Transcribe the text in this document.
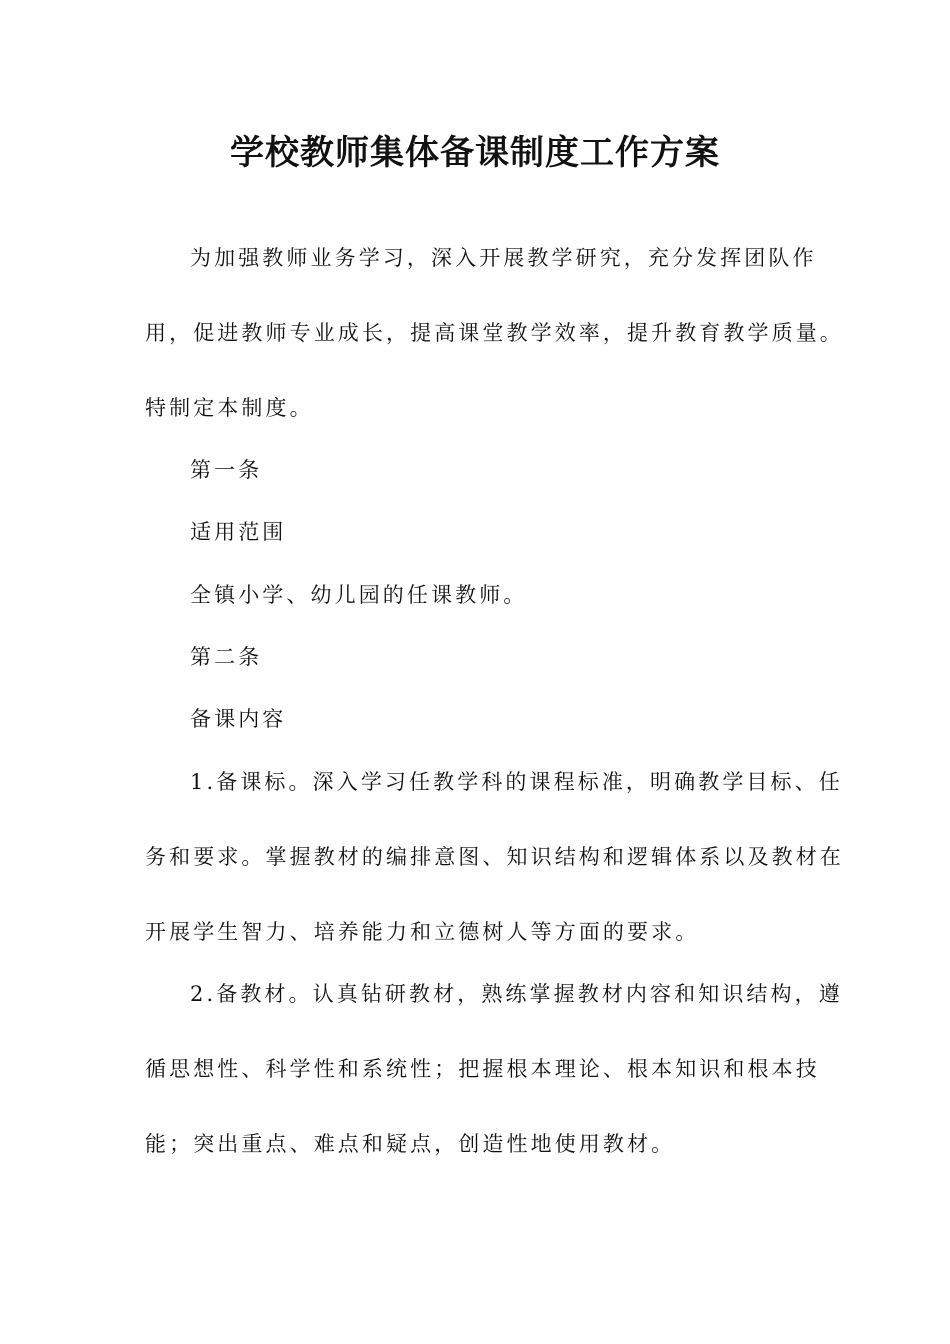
学校教师集体备课制度工作方案

为加强教师业务学习，深入开展教学研究，充分发挥团队作

用，促进教师专业成长，提高课堂教学效率，提升教育教学质量。

特制定本制度。

第一条

适用范围

全镇小学、幼儿园的任课教师。

第二条

备课内容

1.备课标。深入学习任教学科的课程标准，明确教学目标、任

务和要求。掌握教材的编排意图、知识结构和逻辑体系以及教材在

开展学生智力、培养能力和立德树人等方面的要求。

2.备教材。认真钻研教材，熟练掌握教材内容和知识结构，遵

循思想性、科学性和系统性；把握根本理论、根本知识和根本技

能；突出重点、难点和疑点，创造性地使用教材。
